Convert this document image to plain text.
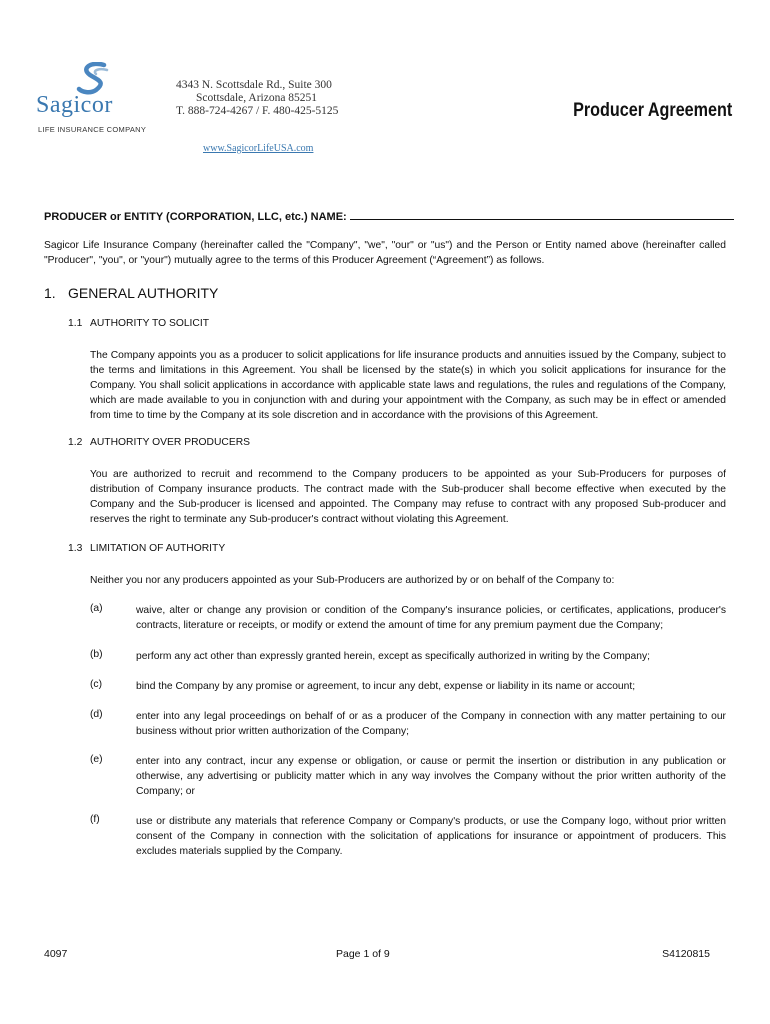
Sagicor
LIFE INSURANCE COMPANY
4343 N. Scottsdale Rd., Suite 300
Scottsdale, Arizona 85251
T. 888-724-4267 / F. 480-425-5125
www.SagicorLifeUSA.com
Producer Agreement
PRODUCER or ENTITY (CORPORATION, LLC, etc.) NAME:
Sagicor Life Insurance Company (hereinafter called the "Company", "we", "our" or "us") and the Person or Entity named above (hereinafter called "Producer", "you", or "your") mutually agree to the terms of this Producer Agreement (“Agreement”) as follows.
1. GENERAL AUTHORITY
1.1 AUTHORITY TO SOLICIT
The Company appoints you as a producer to solicit applications for life insurance products and annuities issued by the Company, subject to the terms and limitations in this Agreement. You shall be licensed by the state(s) in which you solicit applications for insurance for the Company. You shall solicit applications in accordance with applicable state laws and regulations, the rules and regulations of the Company, which are made available to you in conjunction with and during your appointment with the Company, as such may be in effect or amended from time to time by the Company at its sole discretion and in accordance with the provisions of this Agreement.
1.2 AUTHORITY OVER PRODUCERS
You are authorized to recruit and recommend to the Company producers to be appointed as your Sub-Producers for purposes of distribution of Company insurance products. The contract made with the Sub-producer shall become effective when executed by the Company and the Sub-producer is licensed and appointed. The Company may refuse to contract with any proposed Sub-producer and reserves the right to terminate any Sub-producer's contract without violating this Agreement.
1.3 LIMITATION OF AUTHORITY
Neither you nor any producers appointed as your Sub-Producers are authorized by or on behalf of the Company to:
(a)	waive, alter or change any provision or condition of the Company's insurance policies, or certificates, applications, producer's contracts, literature or receipts, or modify or extend the amount of time for any premium payment due the Company;
(b)	perform any act other than expressly granted herein, except as specifically authorized in writing by the Company;
(c)	bind the Company by any promise or agreement, to incur any debt, expense or liability in its name or account;
(d)	enter into any legal proceedings on behalf of or as a producer of the Company in connection with any matter pertaining to our business without prior written authorization of the Company;
(e)	enter into any contract, incur any expense or obligation, or cause or permit the insertion or distribution in any publication or otherwise, any advertising or publicity matter which in any way involves the Company without the prior written authority of the Company; or
(f)	use or distribute any materials that reference Company or Company's products, or use the Company logo, without prior written consent of the Company in connection with the solicitation of applications for insurance or appointment of producers. This excludes materials supplied by the Company.
4097	Page 1 of 9	S4120815
